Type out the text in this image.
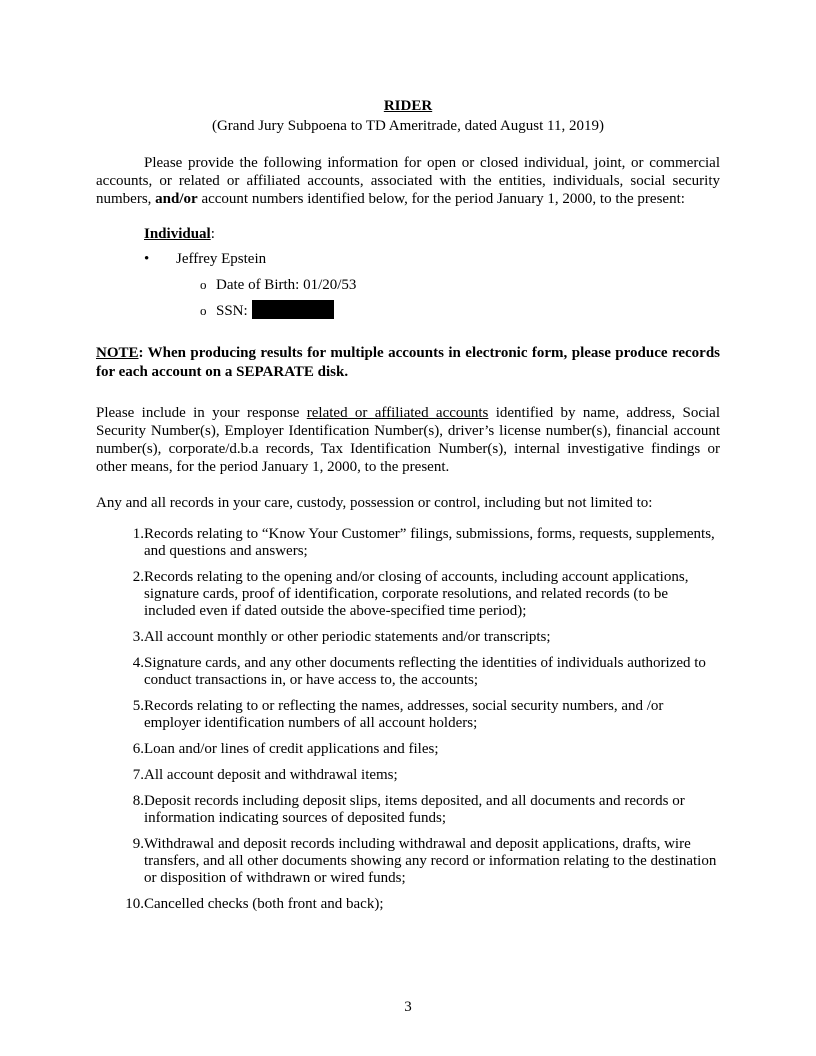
RIDER
(Grand Jury Subpoena to TD Ameritrade, dated August 11, 2019)

Please provide the following information for open or closed individual, joint, or commercial accounts, or related or affiliated accounts, associated with the entities, individuals, social security numbers, and/or account numbers identified below, for the period January 1, 2000, to the present:

Individual:
• Jeffrey Epstein
o Date of Birth: 01/20/53
o SSN:

NOTE: When producing results for multiple accounts in electronic form, please produce records for each account on a SEPARATE disk.

Please include in your response related or affiliated accounts identified by name, address, Social Security Number(s), Employer Identification Number(s), driver’s license number(s), financial account number(s), corporate/d.b.a records, Tax Identification Number(s), internal investigative findings or other means, for the period January 1, 2000, to the present.

Any and all records in your care, custody, possession or control, including but not limited to:

1. Records relating to “Know Your Customer” filings, submissions, forms, requests, supplements, and questions and answers;
2. Records relating to the opening and/or closing of accounts, including account applications, signature cards, proof of identification, corporate resolutions, and related records (to be included even if dated outside the above-specified time period);
3. All account monthly or other periodic statements and/or transcripts;
4. Signature cards, and any other documents reflecting the identities of individuals authorized to conduct transactions in, or have access to, the accounts;
5. Records relating to or reflecting the names, addresses, social security numbers, and /or employer identification numbers of all account holders;
6. Loan and/or lines of credit applications and files;
7. All account deposit and withdrawal items;
8. Deposit records including deposit slips, items deposited, and all documents and records or information indicating sources of deposited funds;
9. Withdrawal and deposit records including withdrawal and deposit applications, drafts, wire transfers, and all other documents showing any record or information relating to the destination or disposition of withdrawn or wired funds;
10. Cancelled checks (both front and back);
3
